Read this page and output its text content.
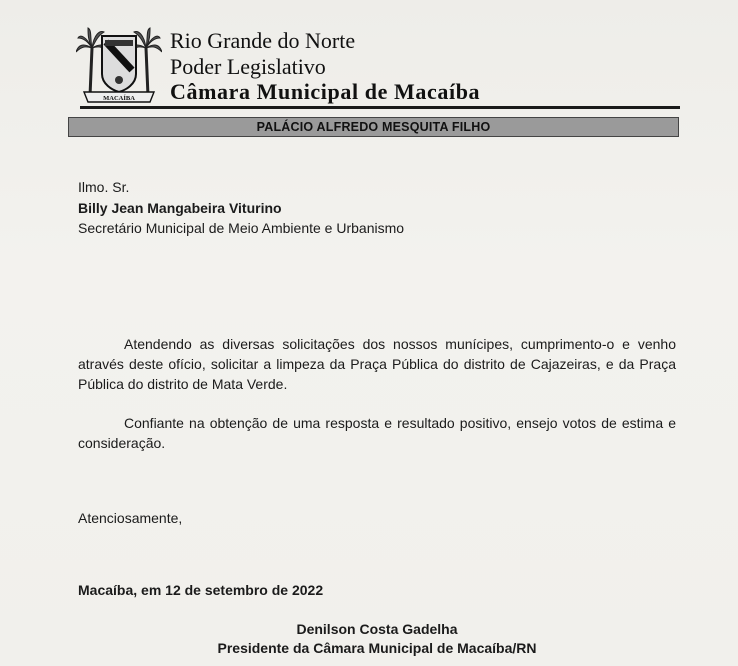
MACAÍBA
Rio Grande do Norte
Poder Legislativo
Câmara Municipal de Macaíba
PALÁCIO ALFREDO MESQUITA FILHO
Ilmo. Sr.
Billy Jean Mangabeira Viturino
Secretário Municipal de Meio Ambiente e Urbanismo
Atendendo as diversas solicitações dos nossos munícipes, cumprimento-o e venho através deste ofício, solicitar a limpeza da Praça Pública do distrito de Cajazeiras, e da Praça Pública do distrito de Mata Verde.
Confiante na obtenção de uma resposta e resultado positivo, ensejo votos de estima e consideração.
Atenciosamente,
Macaíba, em 12 de setembro de 2022
Denilson Costa Gadelha
Presidente da Câmara Municipal de Macaíba/RN
